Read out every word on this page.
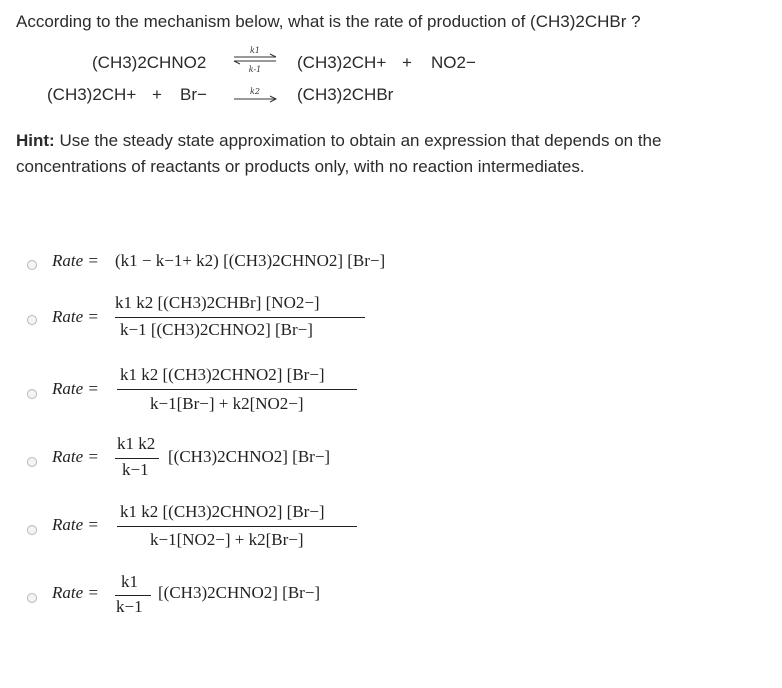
According to the mechanism below, what is the rate of production of (CH3)2CHBr ?
(CH3)2CHNO2
k1
k-1 (CH3)2CH+ + NO2−
(CH3)2CH+ + Br−	k2 (CH3)2CHBr
Hint: Use the steady state approximation to obtain an expression that depends on the concentrations of reactants or products only, with no reaction intermediates.
Rate = (k1 − k−1+ k2) [(CH3)2CHNO2] [Br−]
Rate =
k1 k2 [(CH3)2CHBr] [NO2−]
k−1 [(CH3)2CHNO2] [Br−]
Rate =
k1 k2 [(CH3)2CHNO2] [Br−]
k−1[Br−] + k2[NO2−]
Rate =
k1 k2
k−1
[(CH3)2CHNO2] [Br−]
Rate =
k1 k2 [(CH3)2CHNO2] [Br−]
k−1[NO2−] + k2[Br−]
Rate =
k1
k−1
[(CH3)2CHNO2] [Br−]
